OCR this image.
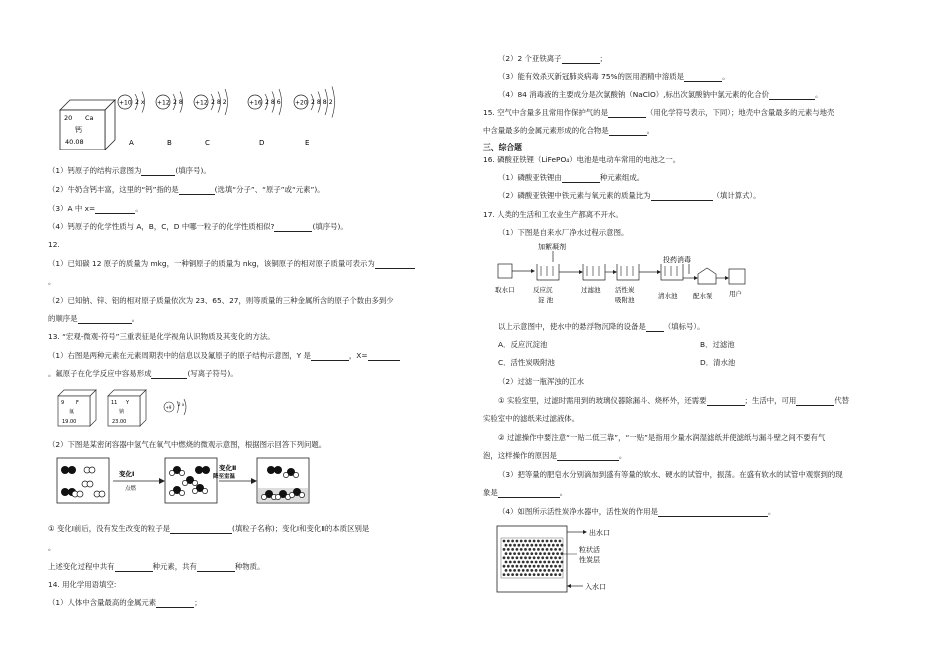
20 Ca
钙
40.08
+10 2 x
A
+12 2 8
B
+12 2 8 2
C
+16 2 8 6
D
+20 2 8 8 2
E
（1）钙原子的结构示意图为	(填序号)。
（2）牛奶含钙丰富，这里的“钙”指的是	(选填“分子”、“原子”或“元素”)。
（3）A 中 x=	。
（4）钙原子的化学性质与 A，B，C，D 中哪一粒子的化学性质相似?	(填序号)。
12.
（1）已知碳 12 原子的质量为 mkg，一种铜原子的质量为 nkg，该铜原子的相对原子质量可表示为
。
（2）已知钠、锌、铝的相对原子质量依次为 23、65、27，则等质量的三种金属所含的原子个数由多到少
的顺序是	。
13. “宏观-微观-符号”三重表征是化学视角认识物质及其变化的方法。
（1）右图是两种元素在元素周期表中的信息以及氟原子的原子结构示意图，Y 是	，X=
。氟原子在化学反应中容易形成	(写离子符号)。
9 F
氟
19.00
11 Y
钠
23.00
+9
2 x
（2）下图是某密闭容器中氢气在氧气中燃烧的微观示意图，根据图示回答下列问题。
变化Ⅰ
点燃
变化Ⅱ
降至室温
① 变化Ⅰ前后，没有发生改变的粒子是	(填粒子名称)；变化Ⅰ和变化Ⅱ的本质区别是
。
上述变化过程中共有	种元素，共有	种物质。
14. 用化学用语填空:
（1）人体中含量最高的金属元素	；
（2）2 个亚铁离子	；
（3）能有效杀灭新冠肺炎病毒 75%的医用酒精中溶质是	。
（4）84 消毒液的主要成分是次氯酸钠（NaClO）,标出次氯酸钠中氯元素的化合价	。
15. 空气中含量多且常用作保护气的是	（用化学符号表示，下同）；地壳中含量最多的元素与地壳
中含量最多的金属元素形成的化合物是	。
三、综合题
16. 磷酸亚铁锂（LiFePO₄）电池是电动车常用的电池之一。
（1）磷酸亚铁锂由	种元素组成。
（2）磷酸亚铁锂中铁元素与氧元素的质量比为	（填计算式）。
17. 人类的生活和工农业生产都离不开水。
（1）下图是自来水厂净水过程示意图。
加絮凝剂
投药消毒
取水口	反应沉
淀 池
过滤池 活性炭
吸附池	清水池 配水泵	用户
以上示意图中，使水中的悬浮物沉降的设备是 （填标号）。
A．反应沉淀池	B．过滤池
C．活性炭吸附池	D．清水池
（2）过滤一瓶浑浊的江水
① 实验室里，过滤时需用到的玻璃仪器除漏斗、烧杯外，还需要	；生活中，可用	代替
实验室中的滤纸来过滤液体。
② 过滤操作中要注意“一贴二低三靠”，“一贴”是指用少量水润湿滤纸并使滤纸与漏斗壁之间不要有气
泡，这样操作的原因是	。
（3）把等量的肥皂水分别滴加到盛有等量的软水、硬水的试管中，振荡。在盛有软水的试管中观察到的现
象是	。
（4）如图所示活性炭净水器中，活性炭的作用是	。
出水口
粒状活
性炭层
入水口
